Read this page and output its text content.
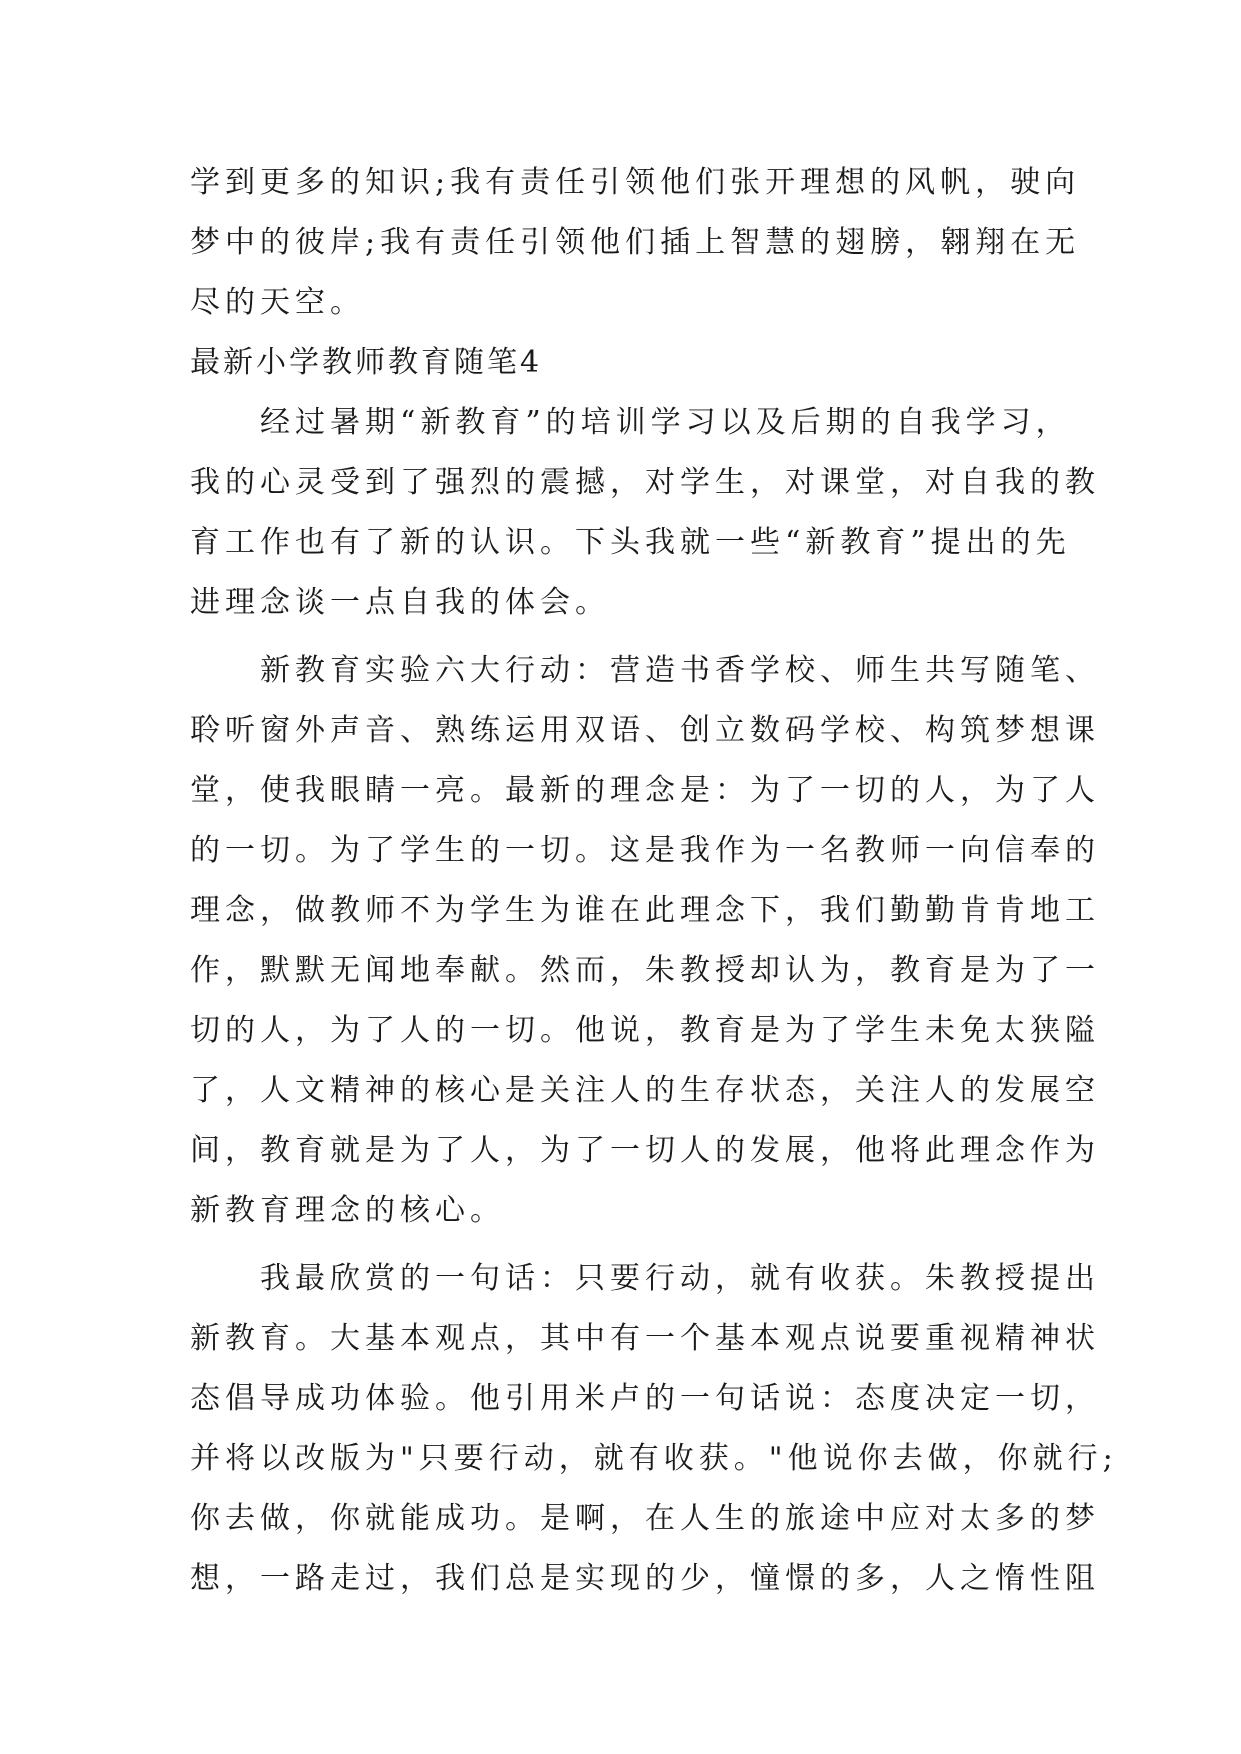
学到更多的知识;我有责任引领他们张开理想的风帆，驶向
梦中的彼岸;我有责任引领他们插上智慧的翅膀，翱翔在无
尽的天空。
最新小学教师教育随笔4
经过暑期“新教育”的培训学习以及后期的自我学习，
我的心灵受到了强烈的震撼，对学生，对课堂，对自我的教
育工作也有了新的认识。下头我就一些“新教育”提出的先
进理念谈一点自我的体会。
新教育实验六大行动：营造书香学校、师生共写随笔、
聆听窗外声音、熟练运用双语、创立数码学校、构筑梦想课
堂，使我眼睛一亮。最新的理念是：为了一切的人，为了人
的一切。为了学生的一切。这是我作为一名教师一向信奉的
理念，做教师不为学生为谁在此理念下，我们勤勤肯肯地工
作，默默无闻地奉献。然而，朱教授却认为，教育是为了一
切的人，为了人的一切。他说，教育是为了学生未免太狭隘
了，人文精神的核心是关注人的生存状态，关注人的发展空
间，教育就是为了人，为了一切人的发展，他将此理念作为
新教育理念的核心。
我最欣赏的一句话：只要行动，就有收获。朱教授提出
新教育。大基本观点，其中有一个基本观点说要重视精神状
态倡导成功体验。他引用米卢的一句话说：态度决定一切，
并将以改版为"只要行动，就有收获。"他说你去做，你就行;
你去做，你就能成功。是啊，在人生的旅途中应对太多的梦
想，一路走过，我们总是实现的少，憧憬的多，人之惰性阻
